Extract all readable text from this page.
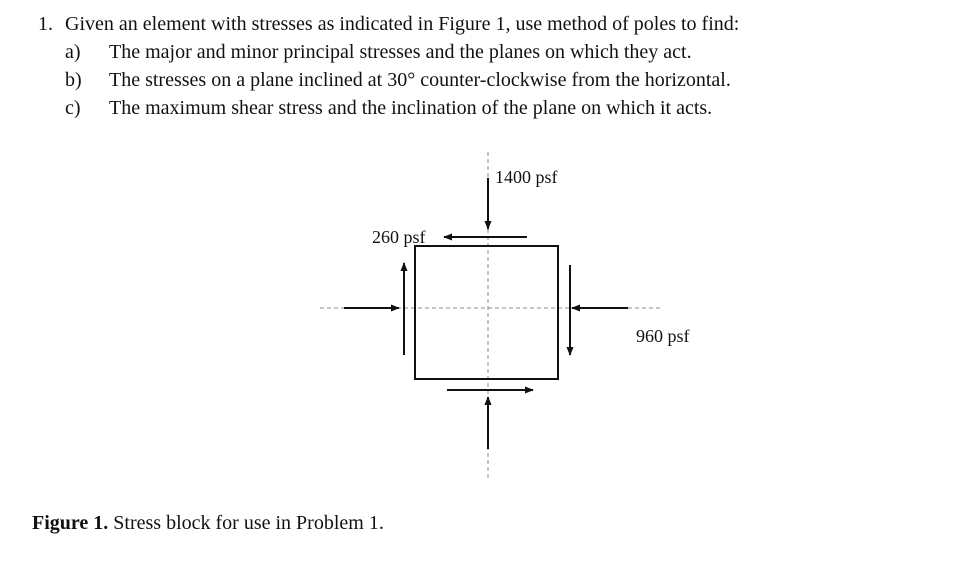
1. Given an element with stresses as indicated in Figure 1, use method of poles to find:
a)	The major and minor principal stresses and the planes on which they act.
b)	The stresses on a plane inclined at 30° counter-clockwise from the horizontal.
c)	The maximum shear stress and the inclination of the plane on which it acts.
1400 psf
260 psf
960 psf
Figure 1. Stress block for use in Problem 1.
